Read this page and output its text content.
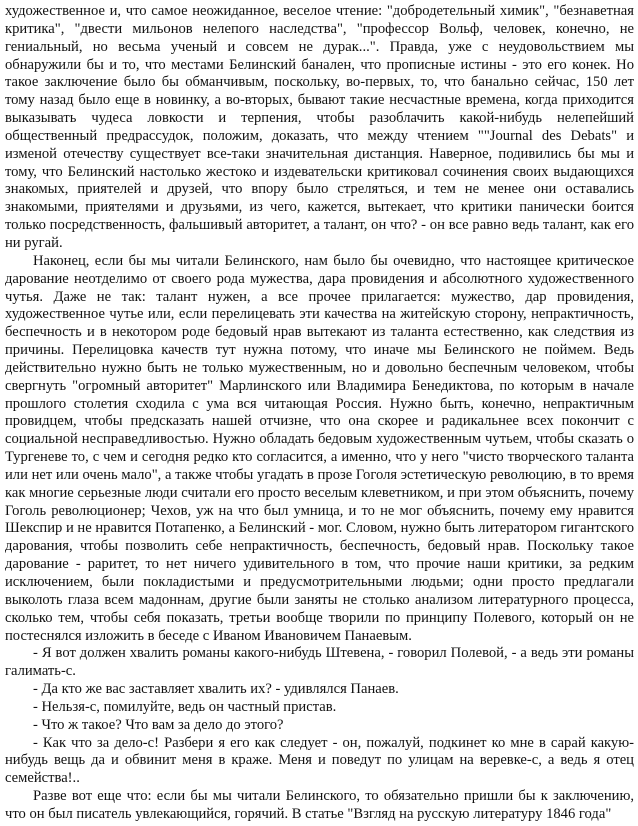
художественное и, что самое неожиданное, веселое чтение: "добродетельный химик", "безнаветная критика", "двести мильонов нелепого наследства", "профессор Вольф, человек, конечно, не гениальный, но весьма ученый и совсем не дурак...". Правда, уже с неудовольствием мы обнаружили бы и то, что местами Белинский банален, что прописные истины - это его конек. Но такое заключение было бы обманчивым, поскольку, во-первых, то, что банально сейчас, 150 лет тому назад было еще в новинку, а во-вторых, бывают такие несчастные времена, когда приходится выказывать чудеса ловкости и терпения, чтобы разоблачить какой-нибудь нелепейший общественный предрассудок, положим, доказать, что между чтением ""Journal des Debats" и изменой отечеству существует все-таки значительная дистанция. Наверное, подивились бы мы и тому, что Белинский настолько жестоко и издевательски критиковал сочинения своих выдающихся знакомых, приятелей и друзей, что впору было стреляться, и тем не менее они оставались знакомыми, приятелями и друзьями, из чего, кажется, вытекает, что критики панически боится только посредственность, фальшивый авторитет, а талант, он что? - он все равно ведь талант, как его ни ругай.

Наконец, если бы мы читали Белинского, нам было бы очевидно, что настоящее критическое дарование неотделимо от своего рода мужества, дара провидения и абсолютного художественного чутья. Даже не так: талант нужен, а все прочее прилагается: мужество, дар провидения, художественное чутье или, если перелицевать эти качества на житейскую сторону, непрактичность, беспечность и в некотором роде бедовый нрав вытекают из таланта естественно, как следствия из причины. Перелицовка качеств тут нужна потому, что иначе мы Белинского не поймем. Ведь действительно нужно быть не только мужественным, но и довольно беспечным человеком, чтобы свергнуть "огромный авторитет" Марлинского или Владимира Бенедиктова, по которым в начале прошлого столетия сходила с ума вся читающая Россия. Нужно быть, конечно, непрактичным провидцем, чтобы предсказать нашей отчизне, что она скорее и радикальнее всех покончит с социальной несправедливостью. Нужно обладать бедовым художественным чутьем, чтобы сказать о Тургеневе то, с чем и сегодня редко кто согласится, а именно, что у него "чисто творческого таланта или нет или очень мало", а также чтобы угадать в прозе Гоголя эстетическую революцию, в то время как многие серьезные люди считали его просто веселым клеветником, и при этом объяснить, почему Гоголь революционер; Чехов, уж на что был умница, и то не мог объяснить, почему ему нравится Шекспир и не нравится Потапенко, а Белинский - мог. Словом, нужно быть литератором гигантского дарования, чтобы позволить себе непрактичность, беспечность, бедовый нрав. Поскольку такое дарование - раритет, то нет ничего удивительного в том, что прочие наши критики, за редким исключением, были покладистыми и предусмотрительными людьми; одни просто предлагали выколоть глаза всем мадоннам, другие были заняты не столько анализом литературного процесса, сколько тем, чтобы себя показать, третьи вообще творили по принципу Полевого, который он не постеснялся изложить в беседе с Иваном Ивановичем Панаевым.

- Я вот должен хвалить романы какого-нибудь Штевена, - говорил Полевой, - а ведь эти романы галимать-с.

- Да кто же вас заставляет хвалить их? - удивлялся Панаев.

- Нельзя-с, помилуйте, ведь он частный пристав.

- Что ж такое? Что вам за дело до этого?

- Как что за дело-с! Разбери я его как следует - он, пожалуй, подкинет ко мне в сарай какую-нибудь вещь да и обвинит меня в краже. Меня и поведут по улицам на веревке-с, а ведь я отец семейства!..

Разве вот еще что: если бы мы читали Белинского, то обязательно пришли бы к заключению, что он был писатель увлекающийся, горячий. В статье "Взгляд на русскую литературу 1846 года"
